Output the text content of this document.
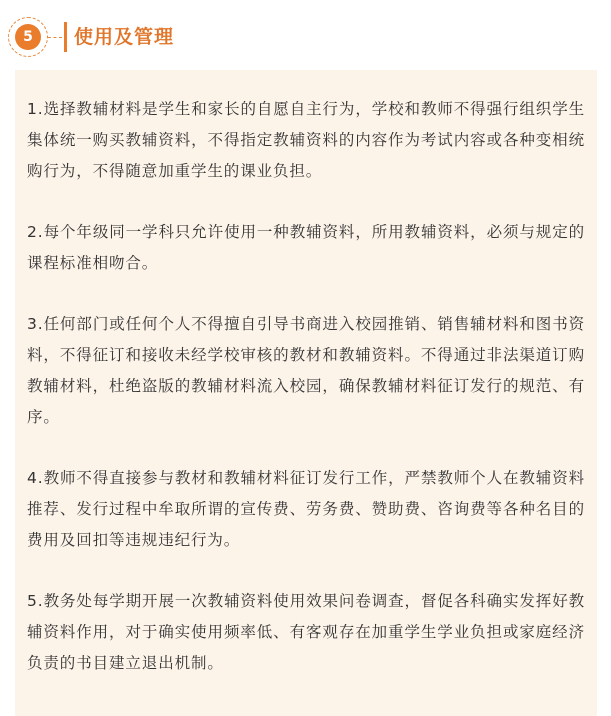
5	使用及管理

1.选择教辅材料是学生和家长的自愿自主行为，学校和教师不得强行组织学生集体统一购买教辅资料，不得指定教辅资料的内容作为考试内容或各种变相统购行为，不得随意加重学生的课业负担。

2.每个年级同一学科只允许使用一种教辅资料，所用教辅资料，必须与规定的课程标准相吻合。

3.任何部门或任何个人不得擅自引导书商进入校园推销、销售辅材料和图书资料，不得征订和接收未经学校审核的教材和教辅资料。不得通过非法渠道订购教辅材料，杜绝盗版的教辅材料流入校园，确保教辅材料征订发行的规范、有序。

4.教师不得直接参与教材和教辅材料征订发行工作，严禁教师个人在教辅资料推荐、发行过程中牟取所谓的宣传费、劳务费、赞助费、咨询费等各种名目的费用及回扣等违规违纪行为。

5.教务处每学期开展一次教辅资料使用效果问卷调查，督促各科确实发挥好教辅资料作用，对于确实使用频率低、有客观存在加重学生学业负担或家庭经济负责的书目建立退出机制。
